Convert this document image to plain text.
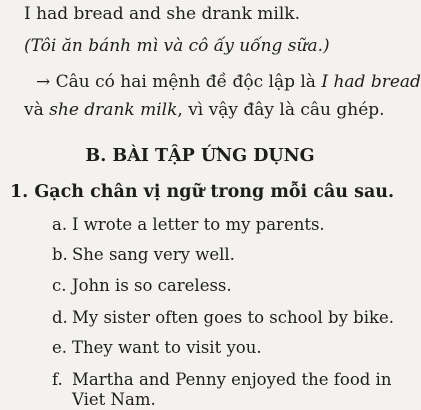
I had bread and she drank milk.
(Tôi ăn bánh mì và cô ấy uống sữa.)
→ Câu có hai mệnh đề độc lập là I had bread
và she drank milk, vì vậy đây là câu ghép.
B. BÀI TẬP ỨNG DỤNG
1. Gạch chân vị ngữ trong mỗi câu sau.
a. I wrote a letter to my parents.
b. She sang very well.
c. John is so careless.
d. My sister often goes to school by bike.
e. They want to visit you.
f. Martha and Penny enjoyed the food in
Viet Nam.
